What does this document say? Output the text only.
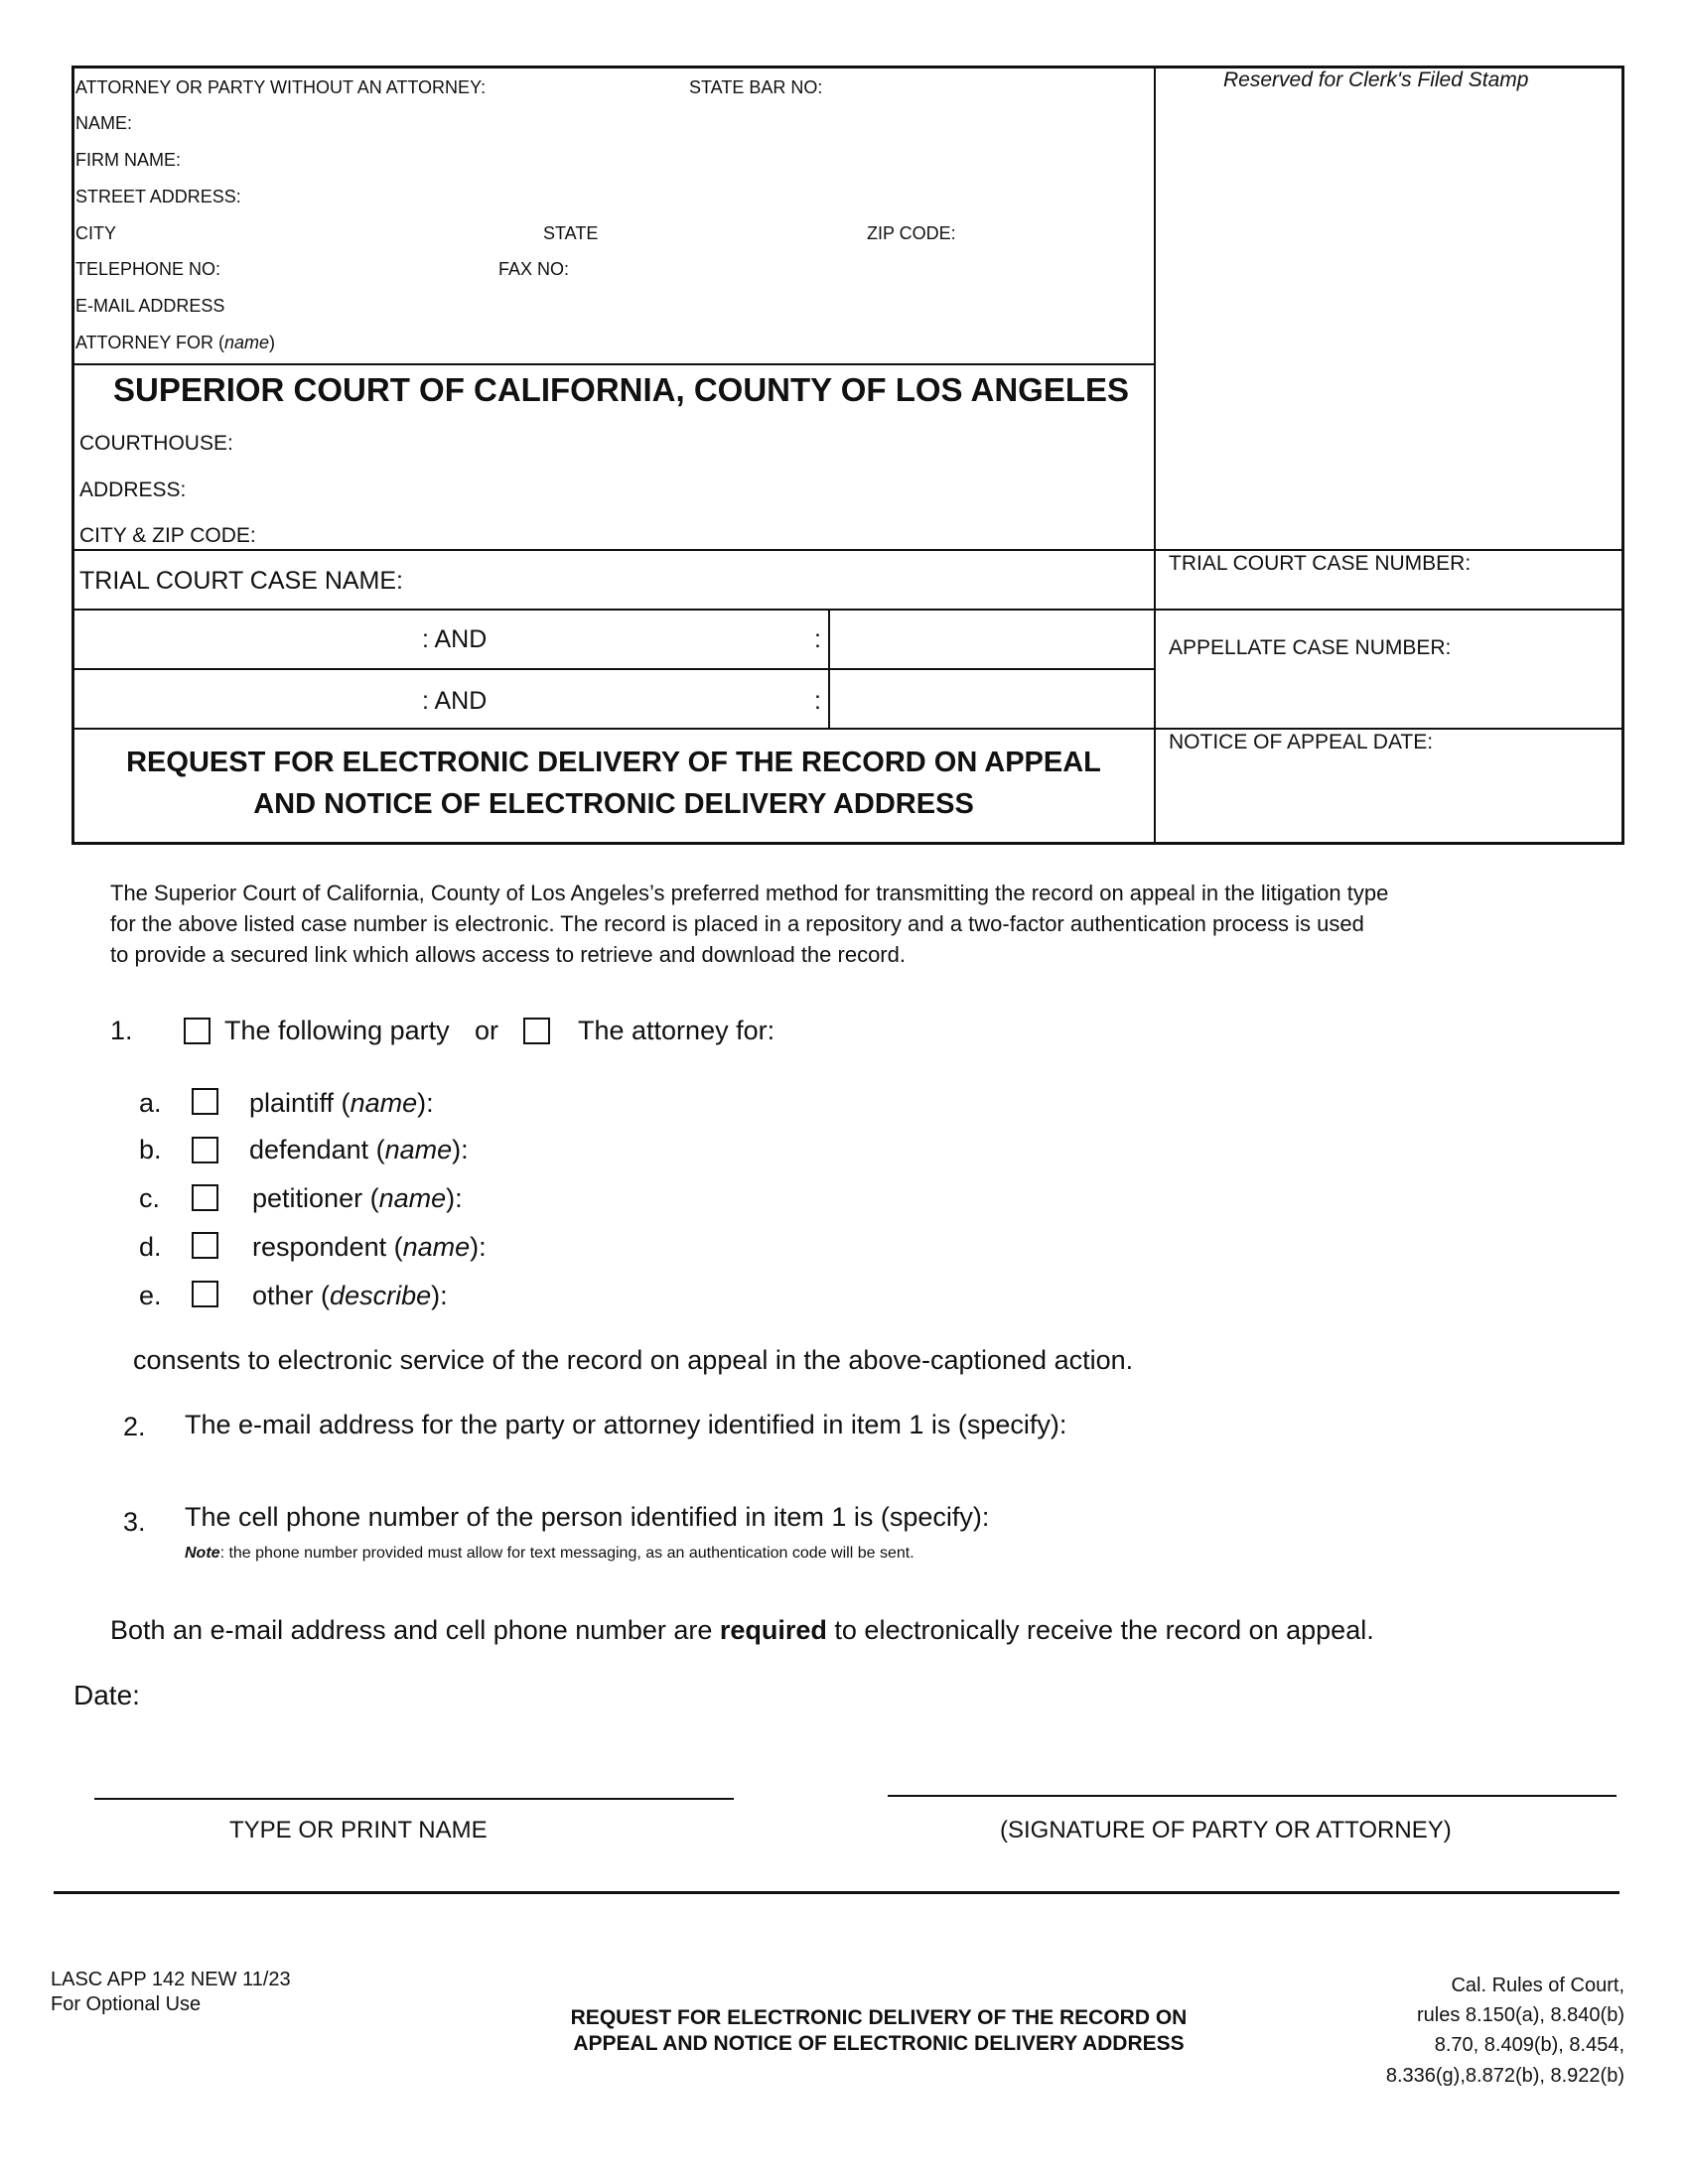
ATTORNEY OR PARTY WITHOUT AN ATTORNEY:	STATE BAR NO:
NAME:
FIRM NAME:
STREET ADDRESS:
CITY	STATE	ZIP CODE:
TELEPHONE NO:	FAX NO:
E-MAIL ADDRESS
ATTORNEY FOR (name)
Reserved for Clerk's Filed Stamp
SUPERIOR COURT OF CALIFORNIA, COUNTY OF LOS ANGELES
COURTHOUSE:
ADDRESS:
CITY & ZIP CODE:
TRIAL COURT CASE NAME:
TRIAL COURT CASE NUMBER:
: AND	:
: AND	:
APPELLATE CASE NUMBER:
NOTICE OF APPEAL DATE:
REQUEST FOR ELECTRONIC DELIVERY OF THE RECORD ON APPEAL
AND NOTICE OF ELECTRONIC DELIVERY ADDRESS
The Superior Court of California, County of Los Angeles’s preferred method for transmitting the record on appeal in the litigation type
for the above listed case number is electronic. The record is placed in a repository and a two-factor authentication process is used
to provide a secured link which allows access to retrieve and download the record.
1.	The following party or	The attorney for:
a.	plaintiff (name):
b.	defendant (name):
c.	petitioner (name):
d.	respondent (name):
e.	other (describe):
consents to electronic service of the record on appeal in the above-captioned action.
2. The e-mail address for the party or attorney identified in item 1 is (specify):
3. The cell phone number of the person identified in item 1 is (specify):
Note: the phone number provided must allow for text messaging, as an authentication code will be sent.
Both an e-mail address and cell phone number are required to electronically receive the record on appeal.
Date:
TYPE OR PRINT NAME	(SIGNATURE OF PARTY OR ATTORNEY)
LASC APP 142 NEW 11/23
For Optional Use
REQUEST FOR ELECTRONIC DELIVERY OF THE RECORD ON
APPEAL AND NOTICE OF ELECTRONIC DELIVERY ADDRESS
Cal. Rules of Court,
rules 8.150(a), 8.840(b)
8.70, 8.409(b), 8.454,
8.336(g),8.872(b), 8.922(b)
